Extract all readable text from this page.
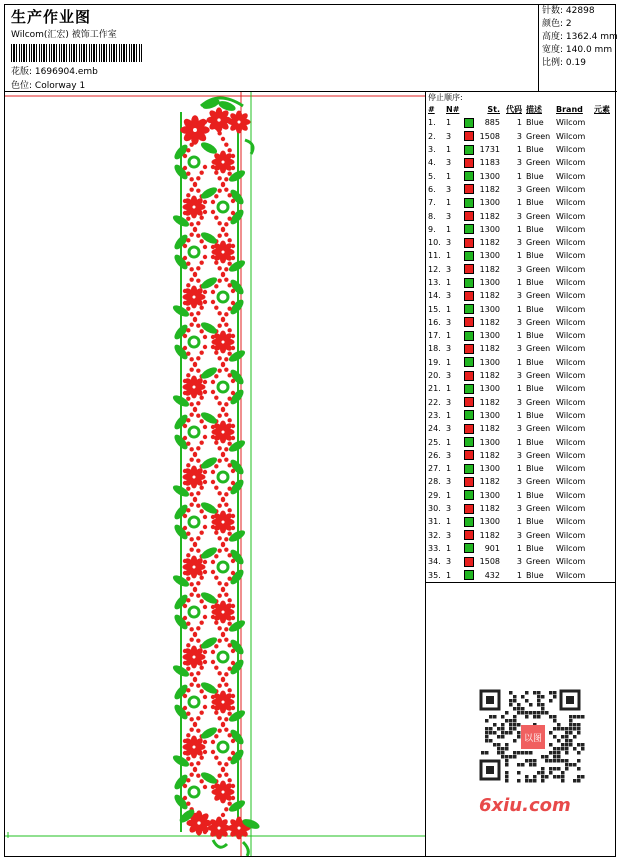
生产作业图
Wilcom(汇宏) 被饰工作室
花版: 1696904.emb
色位: Colorway 1
针数: 42898
颜色: 2
高度: 1362.4 mm
宽度: 140.0 mm
比例: 0.19
停止顺序:
#	N#		St.	代码	描述	Brand	元素
1.	1		885	1	Blue	Wilcom	
2.	3		1508	3	Green	Wilcom	
3.	1		1731	1	Blue	Wilcom	
4.	3		1183	3	Green	Wilcom	
5.	1		1300	1	Blue	Wilcom	
6.	3		1182	3	Green	Wilcom	
7.	1		1300	1	Blue	Wilcom	
8.	3		1182	3	Green	Wilcom	
9.	1		1300	1	Blue	Wilcom	
10.	3		1182	3	Green	Wilcom	
11.	1		1300	1	Blue	Wilcom	
12.	3		1182	3	Green	Wilcom	
13.	1		1300	1	Blue	Wilcom	
14.	3		1182	3	Green	Wilcom	
15.	1		1300	1	Blue	Wilcom	
16.	3		1182	3	Green	Wilcom	
17.	1		1300	1	Blue	Wilcom	
18.	3		1182	3	Green	Wilcom	
19.	1		1300	1	Blue	Wilcom	
20.	3		1182	3	Green	Wilcom	
21.	1		1300	1	Blue	Wilcom	
22.	3		1182	3	Green	Wilcom	
23.	1		1300	1	Blue	Wilcom	
24.	3		1182	3	Green	Wilcom	
25.	1		1300	1	Blue	Wilcom	
26.	3		1182	3	Green	Wilcom	
27.	1		1300	1	Blue	Wilcom	
28.	3		1182	3	Green	Wilcom	
29.	1		1300	1	Blue	Wilcom	
30.	3		1182	3	Green	Wilcom	
31.	1		1300	1	Blue	Wilcom	
32.	3		1182	3	Green	Wilcom	
33.	1		901	1	Blue	Wilcom	
34.	3		1508	3	Green	Wilcom	
35.	1		432	1	Blue	Wilcom	
以图
6xiu.com
